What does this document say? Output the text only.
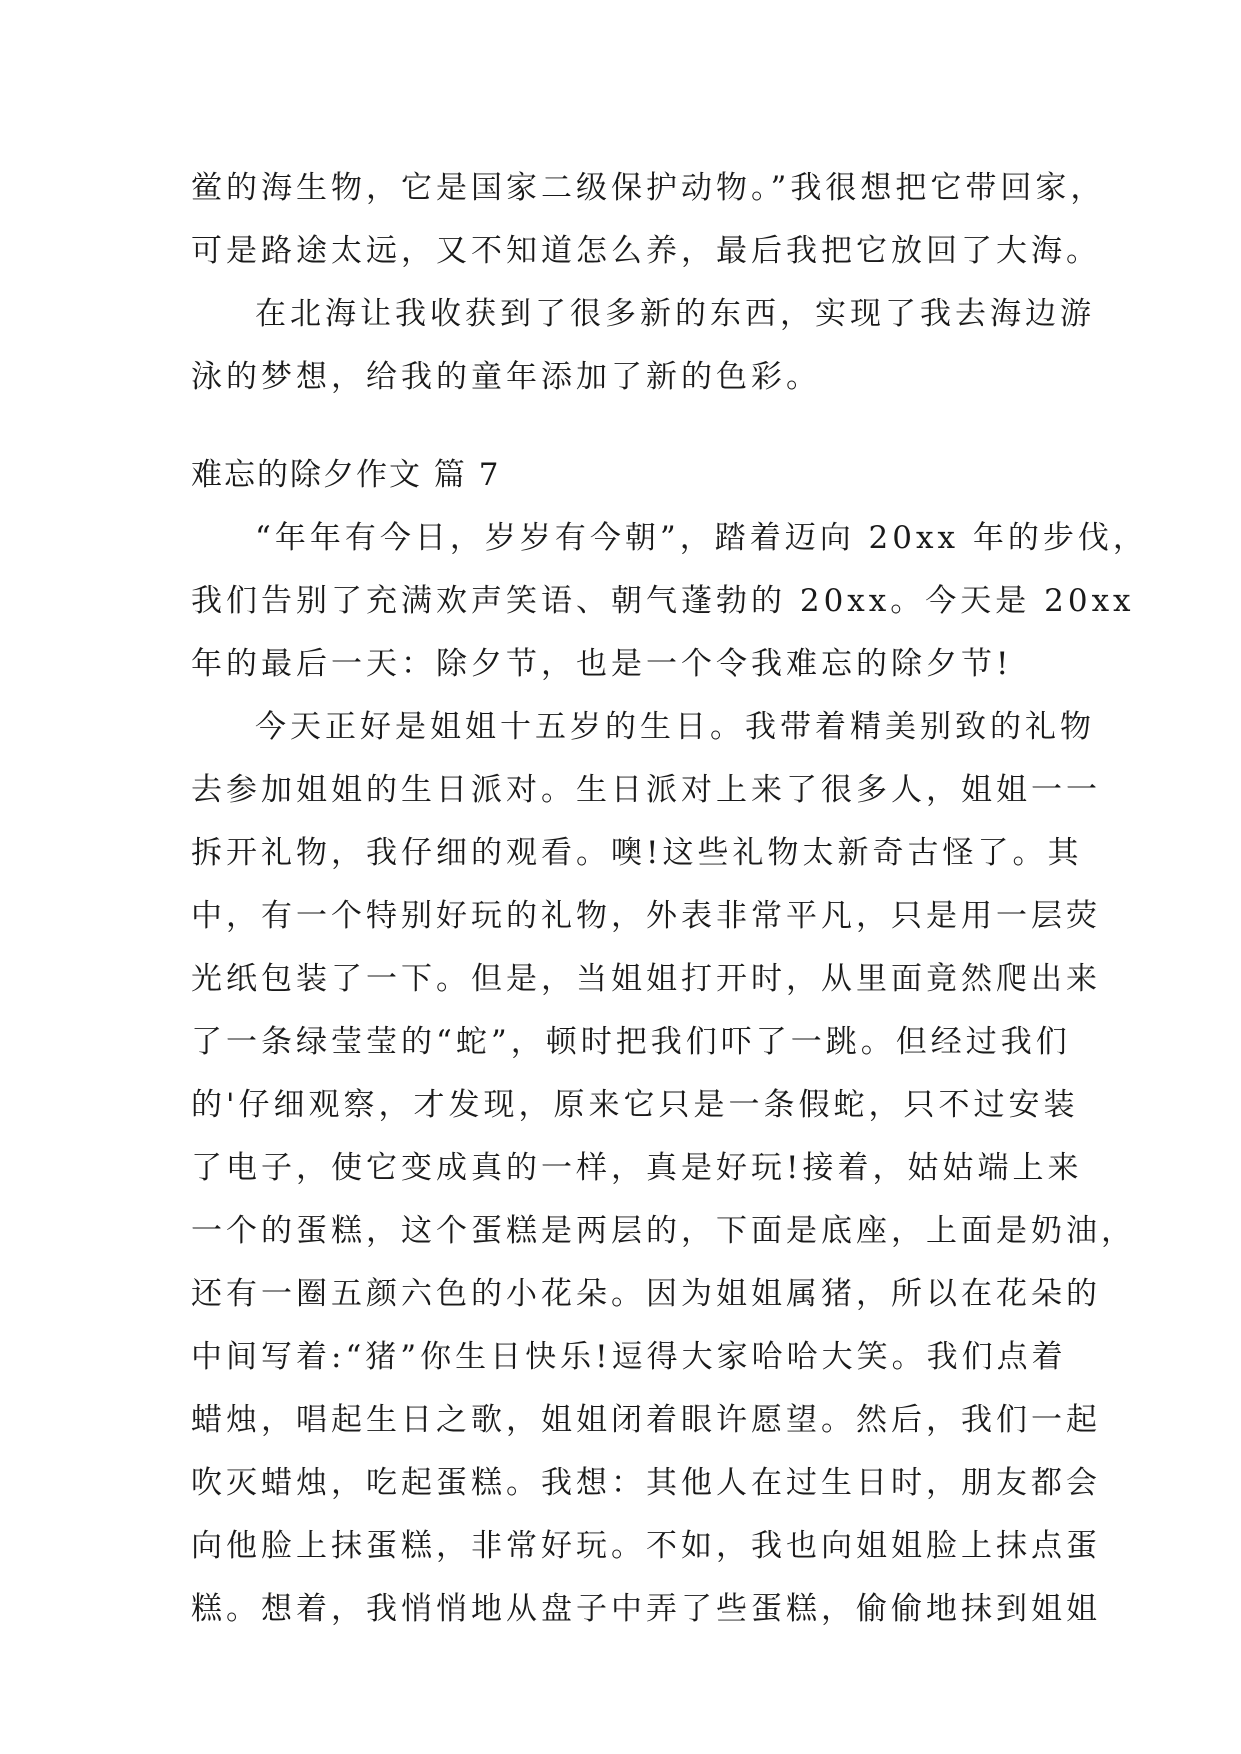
鲎的海生物，它是国家二级保护动物。”我很想把它带回家，
可是路途太远，又不知道怎么养，最后我把它放回了大海。
在北海让我收获到了很多新的东西，实现了我去海边游
泳的梦想，给我的童年添加了新的色彩。
难忘的除夕作文 篇 7
“年年有今日，岁岁有今朝”，踏着迈向 20xx 年的步伐，
我们告别了充满欢声笑语、朝气蓬勃的 20xx。今天是 20xx
年的最后一天：除夕节，也是一个令我难忘的除夕节!
今天正好是姐姐十五岁的生日。我带着精美别致的礼物
去参加姐姐的生日派对。生日派对上来了很多人，姐姐一一
拆开礼物，我仔细的观看。噢!这些礼物太新奇古怪了。其
中，有一个特别好玩的礼物，外表非常平凡，只是用一层荧
光纸包装了一下。但是，当姐姐打开时，从里面竟然爬出来
了一条绿莹莹的“蛇”，顿时把我们吓了一跳。但经过我们
的'仔细观察，才发现，原来它只是一条假蛇，只不过安装
了电子，使它变成真的一样，真是好玩!接着，姑姑端上来
一个的蛋糕，这个蛋糕是两层的，下面是底座，上面是奶油，
还有一圈五颜六色的小花朵。因为姐姐属猪，所以在花朵的
中间写着:“猪”你生日快乐!逗得大家哈哈大笑。我们点着
蜡烛，唱起生日之歌，姐姐闭着眼许愿望。然后，我们一起
吹灭蜡烛，吃起蛋糕。我想：其他人在过生日时，朋友都会
向他脸上抹蛋糕，非常好玩。不如，我也向姐姐脸上抹点蛋
糕。想着，我悄悄地从盘子中弄了些蛋糕，偷偷地抹到姐姐
